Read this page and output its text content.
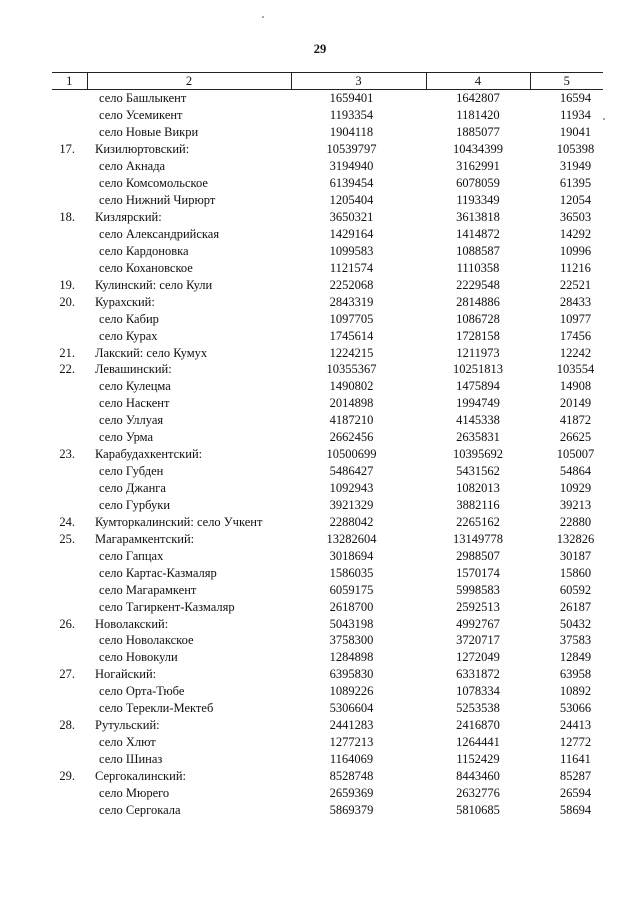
29
1	2	3	4	5
	село Башлыкент	1659401	1642807	16594
	село Усемикент	1193354	1181420	11934
	село Новые Викри	1904118	1885077	19041
17.	Кизилюртовский:	10539797	10434399	105398
	село Акнада	3194940	3162991	31949
	село Комсомольское	6139454	6078059	61395
	село Нижний Чирюрт	1205404	1193349	12054
18.	Кизлярский:	3650321	3613818	36503
	село Александрийская	1429164	1414872	14292
	село Кардоновка	1099583	1088587	10996
	село Кохановское	1121574	1110358	11216
19.	Кулинский: село Кули	2252068	2229548	22521
20.	Курахский:	2843319	2814886	28433
	село Кабир	1097705	1086728	10977
	село Курах	1745614	1728158	17456
21.	Лакский: село Кумух	1224215	1211973	12242
22.	Левашинский:	10355367	10251813	103554
	село Кулецма	1490802	1475894	14908
	село Наскент	2014898	1994749	20149
	село Уллуая	4187210	4145338	41872
	село Урма	2662456	2635831	26625
23.	Карабудахкентский:	10500699	10395692	105007
	село Губден	5486427	5431562	54864
	село Джанга	1092943	1082013	10929
	село Гурбуки	3921329	3882116	39213
24.	Кумторкалинский: село Учкент	2288042	2265162	22880
25.	Магарамкентский:	13282604	13149778	132826
	село Гапцах	3018694	2988507	30187
	село Картас-Казмаляр	1586035	1570174	15860
	село Магарамкент	6059175	5998583	60592
	село Тагиркент-Казмаляр	2618700	2592513	26187
26.	Новолакский:	5043198	4992767	50432
	село Новолакское	3758300	3720717	37583
	село Новокули	1284898	1272049	12849
27.	Ногайский:	6395830	6331872	63958
	село Орта-Тюбе	1089226	1078334	10892
	село Терекли-Мектеб	5306604	5253538	53066
28.	Рутульский:	2441283	2416870	24413
	село Хлют	1277213	1264441	12772
	село Шиназ	1164069	1152429	11641
29.	Сергокалинский:	8528748	8443460	85287
	село Мюрего	2659369	2632776	26594
	село Сергокала	5869379	5810685	58694
